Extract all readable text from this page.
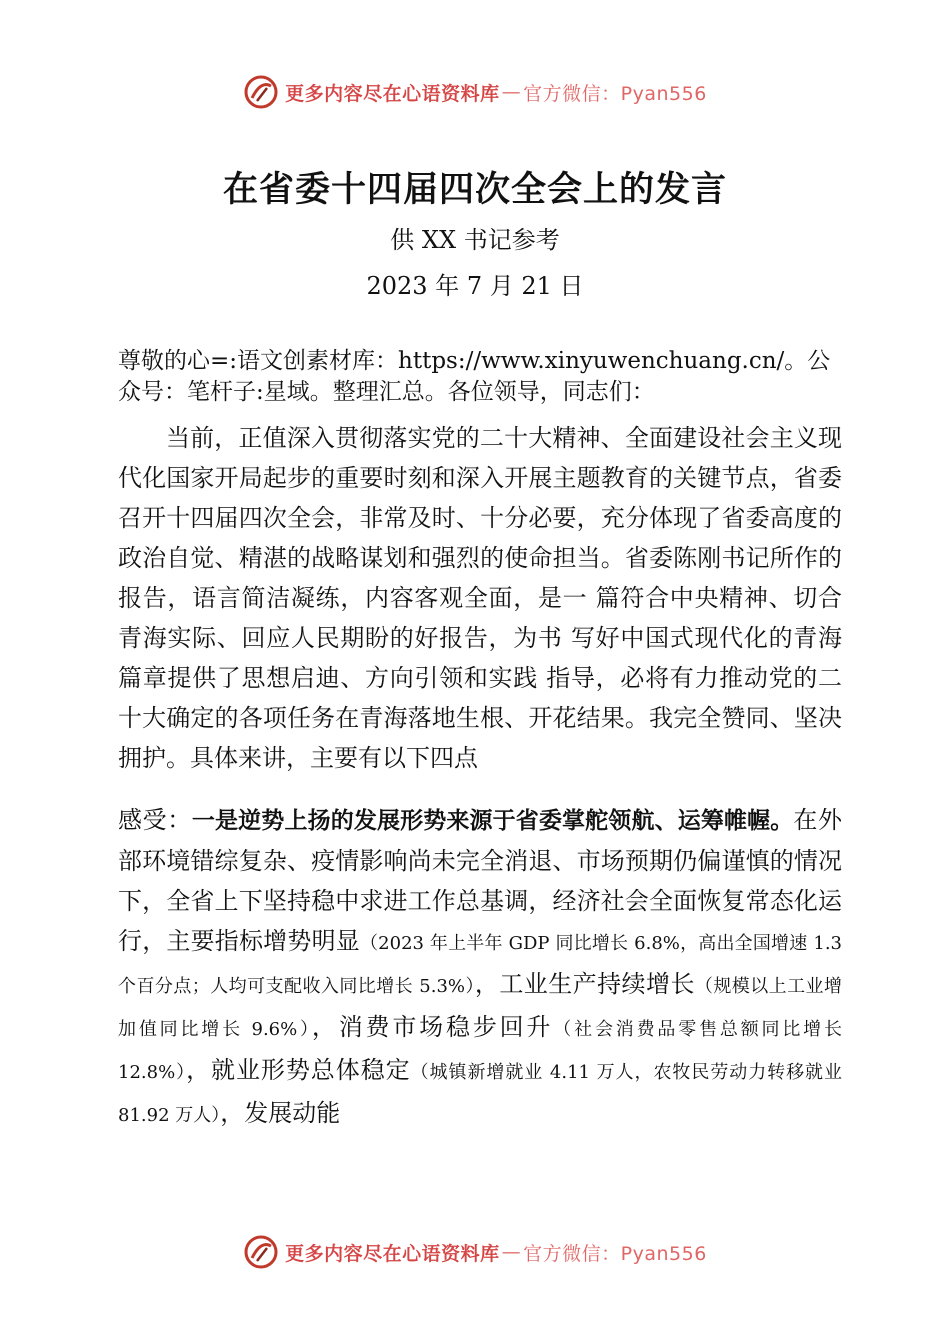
更多内容尽在心语资料库 — 官方微信：Pyan556
在省委十四届四次全会上的发言
供 XX 书记参考
2023 年 7 月 21 日
尊敬的心=:语文创素材库：https://www.xinyuwenchuang.cn/。公众号：笔杆子:星域。整理汇总。各位领导，同志们：
当前，正值深入贯彻落实党的二十大精神、全面建设社会主义现代化国家开局起步的重要时刻和深入开展主题教育的关键节点，省委召开十四届四次全会，非常及时、十分必要，充分体现了省委高度的政治自觉、精湛的战略谋划和强烈的使命担当。省委陈刚书记所作的报告，语言简洁凝练，内容客观全面，是一 篇符合中央精神、切合青海实际、回应人民期盼的好报告，为书 写好中国式现代化的青海篇章提供了思想启迪、方向引领和实践 指导，必将有力推动党的二十大确定的各项任务在青海落地生根、开花结果。我完全赞同、坚决拥护。具体来讲，主要有以下四点
感受：一是逆势上扬的发展形势来源于省委掌舵领航、运筹帷幄。在外部环境错综复杂、疫情影响尚未完全消退、市场预期仍偏谨慎的情况下，全省上下坚持稳中求进工作总基调，经济社会全面恢复常态化运行，主要指标增势明显（2023 年上半年 GDP 同比增长 6.8%，高出全国增速 1.3 个百分点；人均可支配收入同比增长 5.3%），工业生产持续增长（规模以上工业增加值同比增长 9.6%），消费市场稳步回升（社会消费品零售总额同比增长 12.8%），就业形势总体稳定（城镇新增就业 4.11 万人，农牧民劳动力转移就业 81.92 万人），发展动能
更多内容尽在心语资料库 — 官方微信：Pyan556
